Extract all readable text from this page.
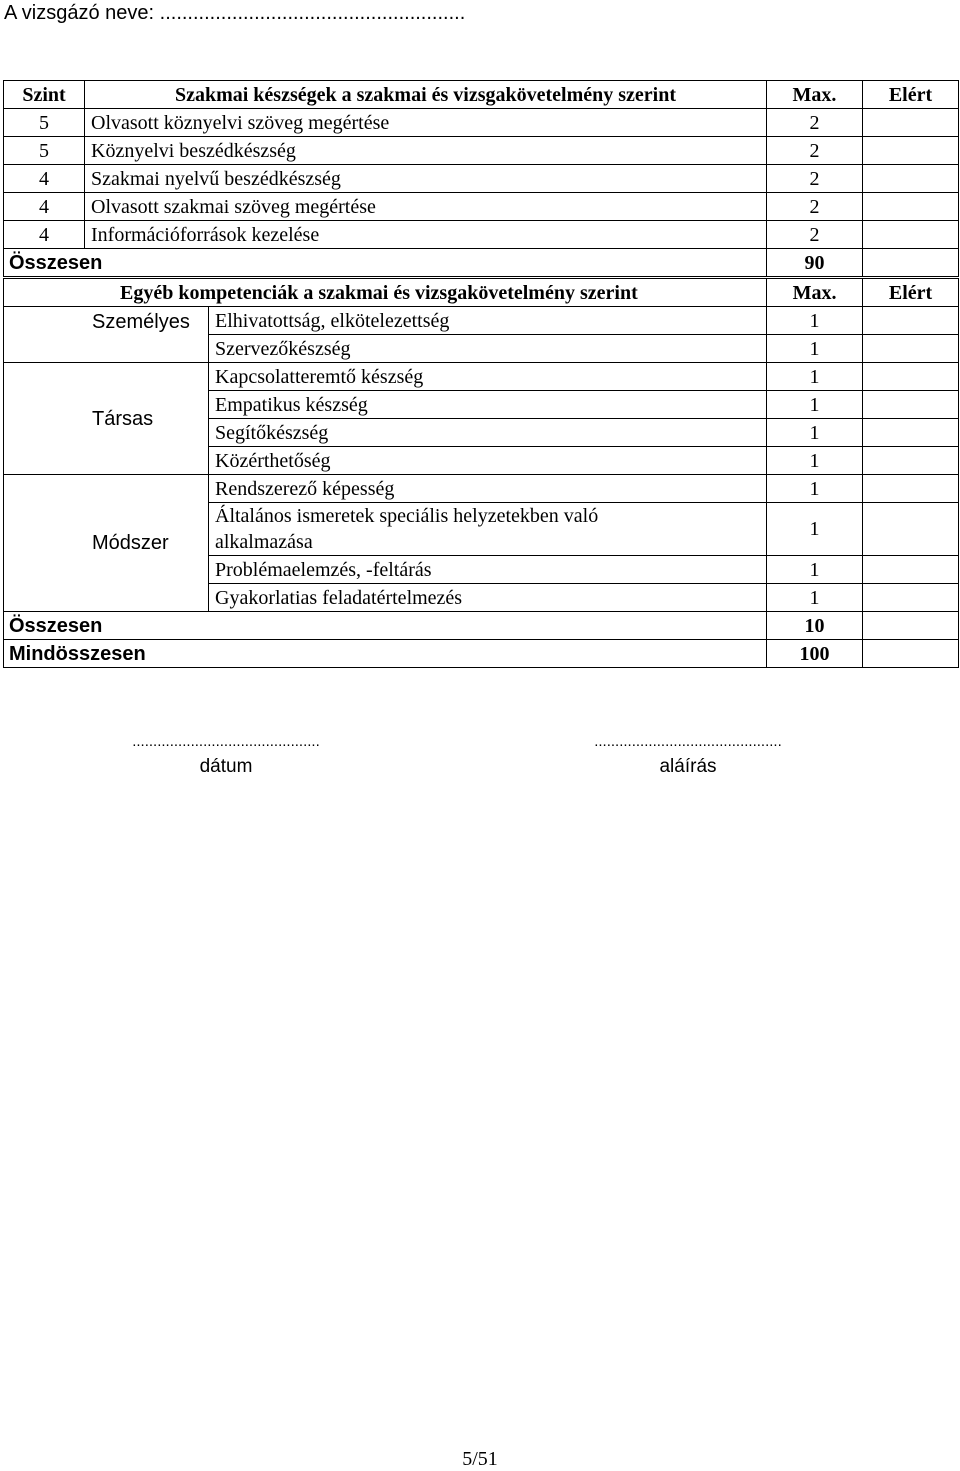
A vizsgázó neve: .......................................................
Szint	Szakmai készségek a szakmai és vizsgakövetelmény szerint	Max.	Elért
5	Olvasott köznyelvi szöveg megértése	2	
5	Köznyelvi beszédkészség	2	
4	Szakmai nyelvű beszédkészség	2	
4	Olvasott szakmai szöveg megértése	2	
4	Információforrások kezelése	2	
Összesen		90	
Egyéb kompetenciák a szakmai és vizsgakövetelmény szerint		Max.	Elért
Személyes	Elhivatottság, elkötelezettség	1	
	Szervezőkészség	1	
Társas	Kapcsolatteremtő készség	1	
	Empatikus készség	1	
	Segítőkészség	1	
	Közérthetőség	1	
Módszer	Rendszerező képesség	1	
	Általános ismeretek speciális helyzetekben való alkalmazása	1	
	Problémaelemzés, -feltárás	1	
	Gyakorlatias feladatértelmezés	1	
Összesen		10	
Mindösszesen		100	
.............................................
dátum
.............................................
aláírás
5/51
